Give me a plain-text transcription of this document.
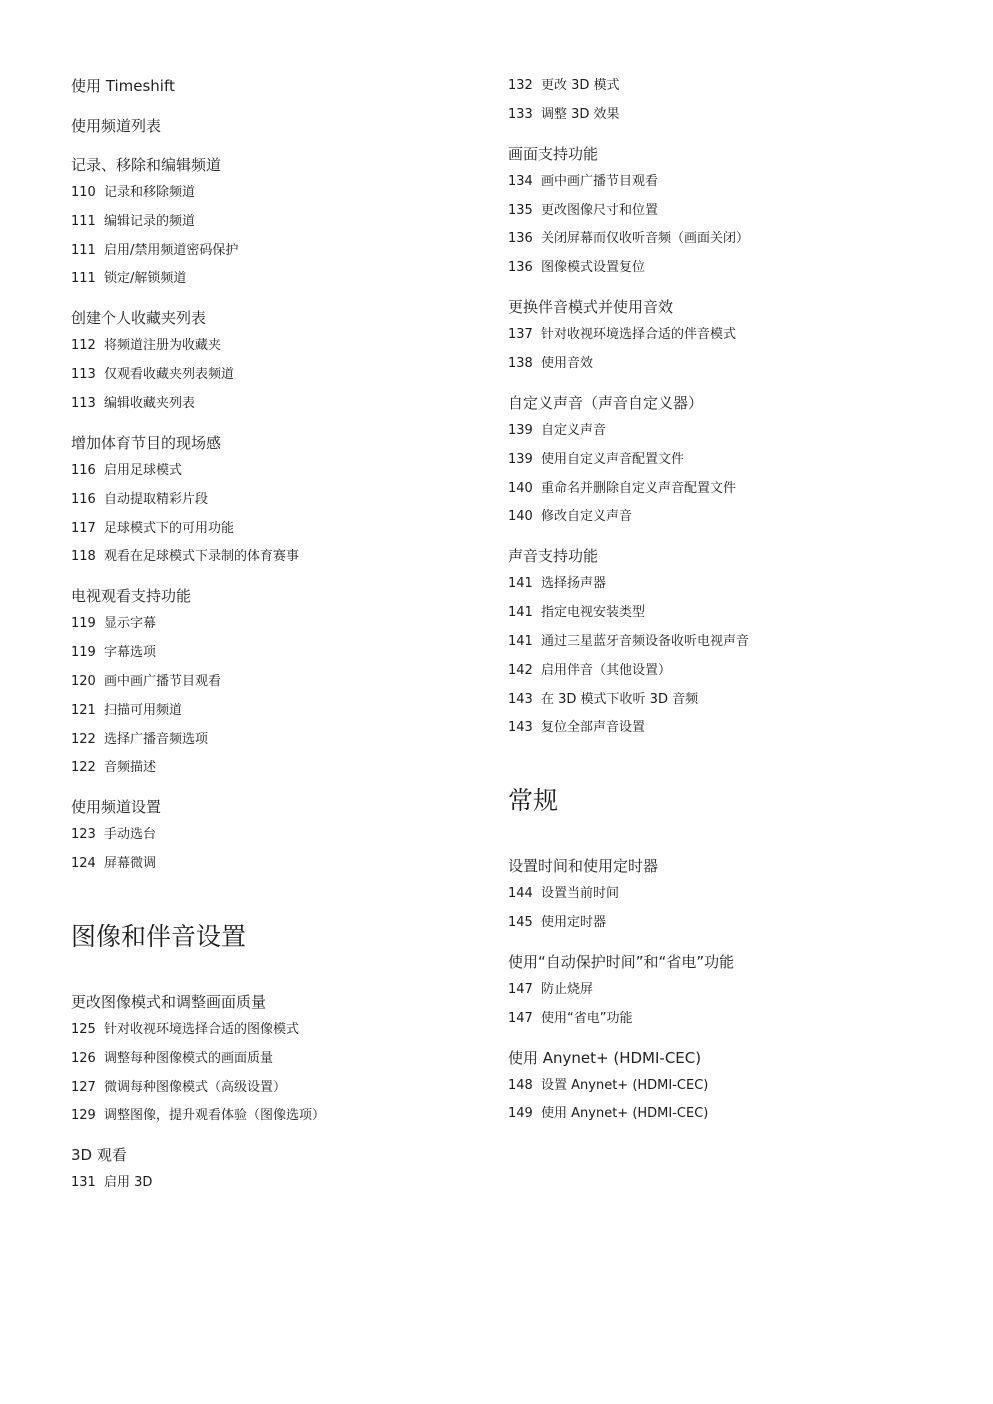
使用 Timeshift
使用频道列表
记录、移除和编辑频道
110 记录和移除频道
111 编辑记录的频道
111 启用/禁用频道密码保护
111 锁定/解锁频道
创建个人收藏夹列表
112 将频道注册为收藏夹
113 仅观看收藏夹列表频道
113 编辑收藏夹列表
增加体育节目的现场感
116 启用足球模式
116 自动提取精彩片段
117 足球模式下的可用功能
118 观看在足球模式下录制的体育赛事
电视观看支持功能
119 显示字幕
119 字幕选项
120 画中画广播节目观看
121 扫描可用频道
122 选择广播音频选项
122 音频描述
使用频道设置
123 手动选台
124 屏幕微调
图像和伴音设置
更改图像模式和调整画面质量
125 针对收视环境选择合适的图像模式
126 调整每种图像模式的画面质量
127 微调每种图像模式（高级设置）
129 调整图像，提升观看体验（图像选项）
3D 观看
131 启用 3D
132 更改 3D 模式
133 调整 3D 效果
画面支持功能
134 画中画广播节目观看
135 更改图像尺寸和位置
136 关闭屏幕而仅收听音频（画面关闭）
136 图像模式设置复位
更换伴音模式并使用音效
137 针对收视环境选择合适的伴音模式
138 使用音效
自定义声音（声音自定义器）
139 自定义声音
139 使用自定义声音配置文件
140 重命名并删除自定义声音配置文件
140 修改自定义声音
声音支持功能
141 选择扬声器
141 指定电视安装类型
141 通过三星蓝牙音频设备收听电视声音
142 启用伴音（其他设置）
143 在 3D 模式下收听 3D 音频
143 复位全部声音设置
常规
设置时间和使用定时器
144 设置当前时间
145 使用定时器
使用“自动保护时间”和“省电”功能
147 防止烧屏
147 使用“省电”功能
使用 Anynet+ (HDMI-CEC)
148 设置 Anynet+ (HDMI-CEC)
149 使用 Anynet+ (HDMI-CEC)
